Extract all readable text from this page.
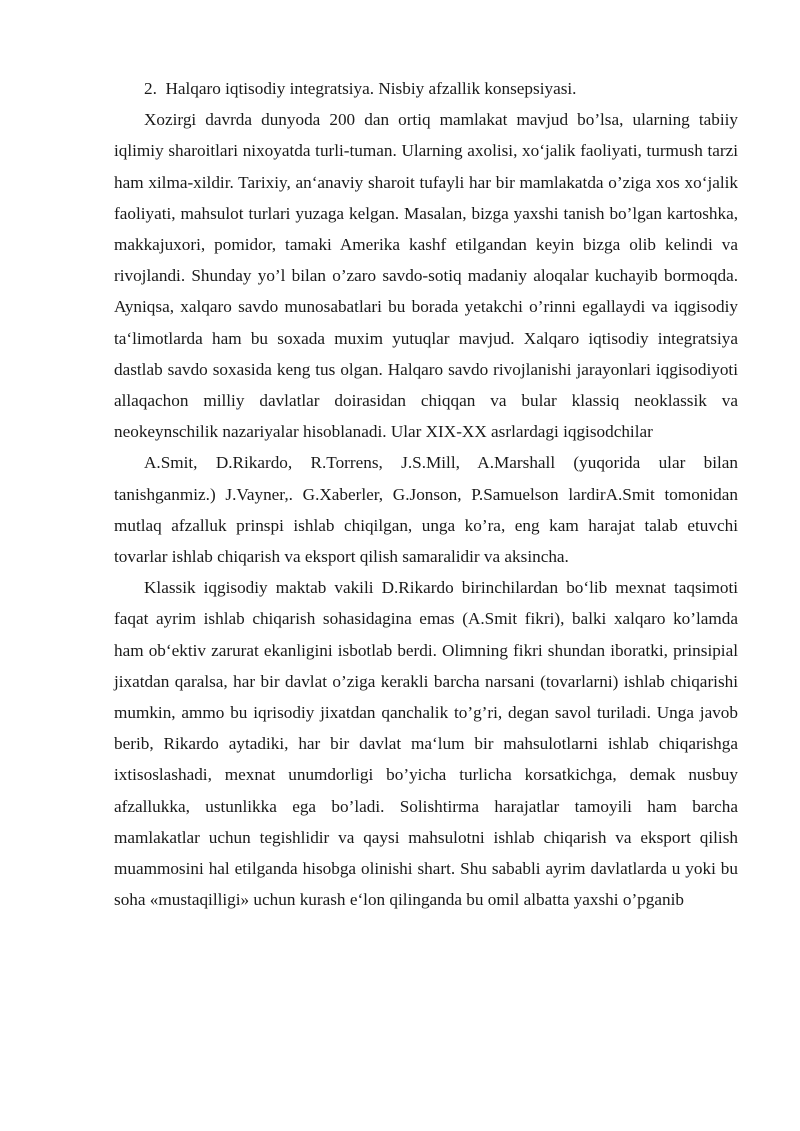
2.  Halqaro iqtisodiy integratsiya. Nisbiy afzallik konsepsiyasi.

Xozirgi davrda dunyoda 200 dan ortiq mamlakat mavjud bo’lsa, ularning tabiiy iqlimiy sharoitlari nixoyatda turli-tuman. Ularning axolisi, xo‘jalik faoliyati, turmush tarzi ham xilma-xildir. Tarixiy, an‘anaviy sharoit tufayli har bir mamlakatda o’ziga xos xo‘jalik faoliyati, mahsulot turlari yuzaga kelgan. Masalan, bizga yaxshi tanish bo’lgan kartoshka, makkajuxori, pomidor, tamaki Amerika kashf etilgandan keyin bizga olib kelindi va rivojlandi. Shunday yo’l bilan o’zaro savdo-sotiq madaniy aloqalar kuchayib bormoqda. Ayniqsa, xalqaro savdo munosabatlari bu borada yetakchi o’rinni egallaydi va iqgisodiy ta‘limotlarda ham bu soxada muxim yutuqlar mavjud. Xalqaro iqtisodiy integratsiya dastlab savdo soxasida keng tus olgan. Halqaro savdo rivojlanishi jarayonlari iqgisodiyoti allaqachon milliy davlatlar doirasidan chiqqan va bular klassiq neoklassik va neokeynschilik nazariyalar hisoblanadi. Ular XIX-XX asrlardagi iqgisodchilar

A.Smit, D.Rikardo, R.Torrens, J.S.Mill, A.Marshall (yuqorida ular bilan tanishganmiz.) J.Vayner,. G.Xaberler, G.Jonson, P.Samuelson lardirA.Smit tomonidan mutlaq afzalluk prinspi ishlab chiqilgan, unga ko’ra, eng kam harajat talab etuvchi tovarlar ishlab chiqarish va eksport qilish samaralidir va aksincha.

Klassik iqgisodiy maktab vakili D.Rikardo birinchilardan bo‘lib mexnat taqsimoti faqat ayrim ishlab chiqarish sohasidagina emas (A.Smit fikri), balki xalqaro ko’lamda ham ob‘ektiv zarurat ekanligini isbotlab berdi. Olimning fikri shundan iboratki, prinsipial jixatdan qaralsa, har bir davlat o’ziga kerakli barcha narsani (tovarlarni) ishlab chiqarishi mumkin, ammo bu iqrisodiy jixatdan qanchalik to’g’ri, degan savol turiladi. Unga javob berib, Rikardo aytadiki, har bir davlat ma‘lum bir mahsulotlarni ishlab chiqarishga ixtisoslashadi, mexnat unumdorligi bo’yicha turlicha korsatkichga, demak nusbuy afzallukka, ustunlikka ega bo’ladi. Solishtirma harajatlar tamoyili ham barcha mamlakatlar uchun tegishlidir va qaysi mahsulotni ishlab chiqarish va eksport qilish muammosini hal etilganda hisobga olinishi shart. Shu sababli ayrim davlatlarda u yoki bu soha «mustaqilligi» uchun kurash e‘lon qilinganda bu omil albatta yaxshi o’pganib
